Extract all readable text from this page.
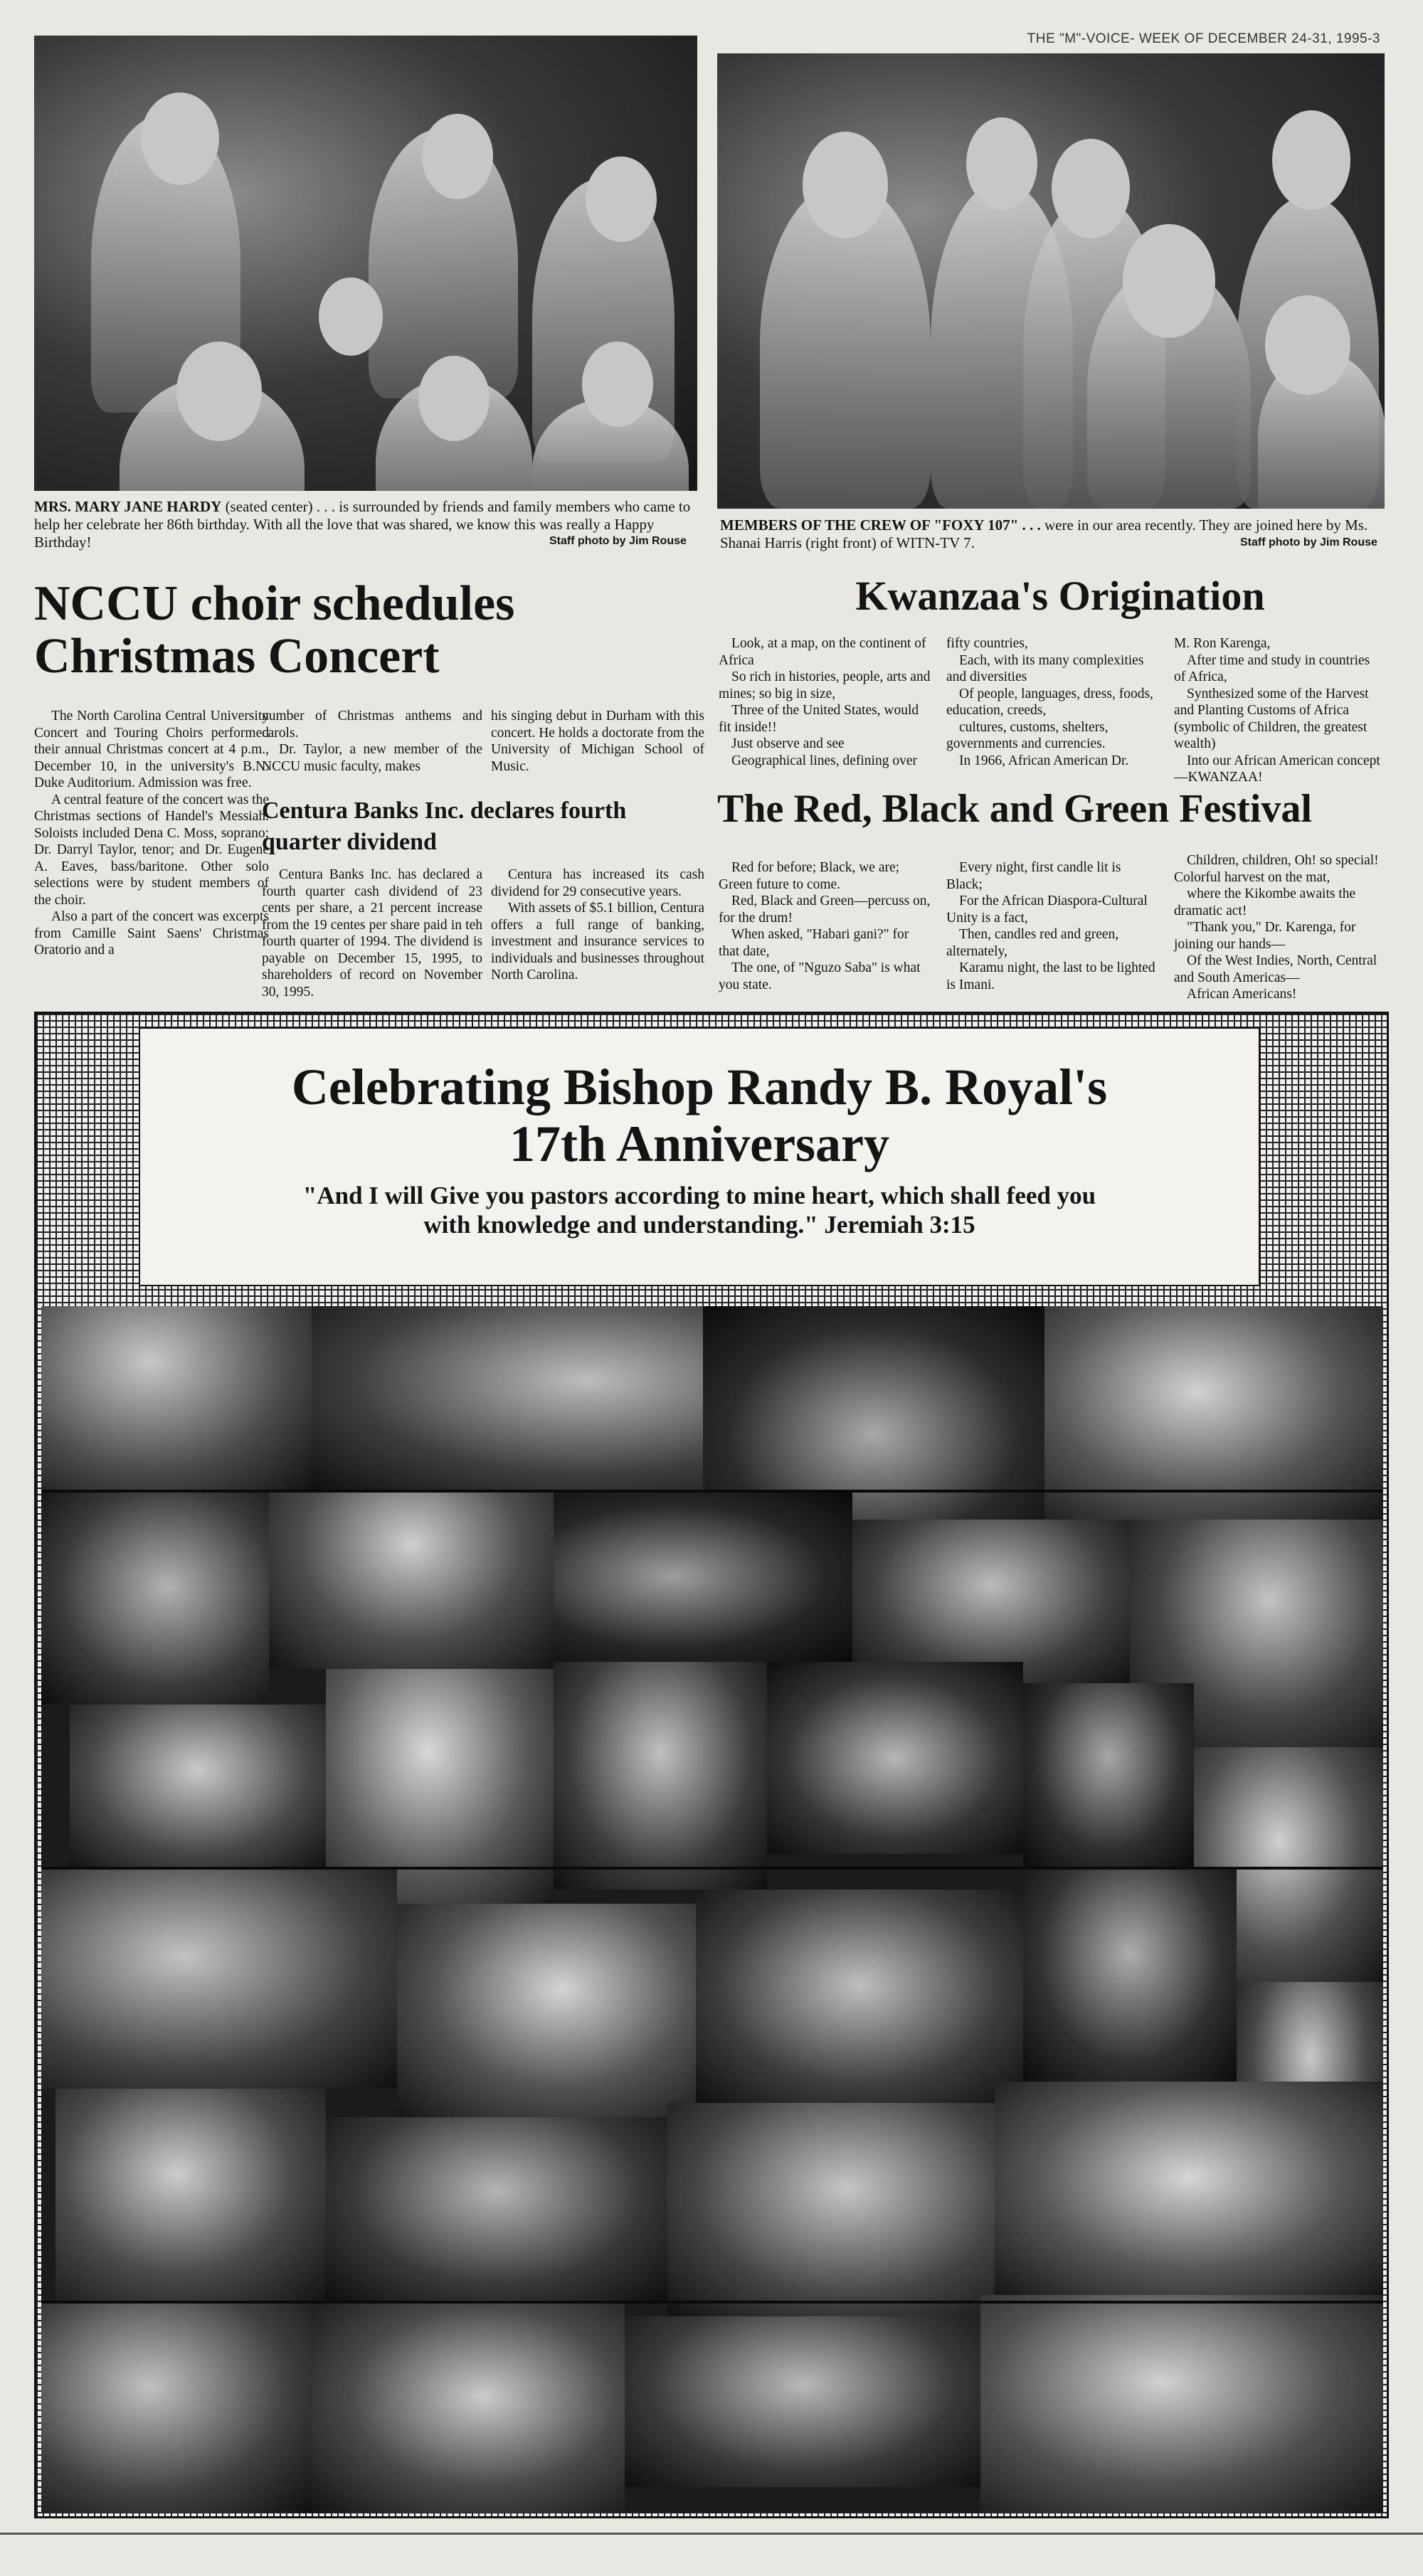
THE "M"-VOICE- WEEK OF DECEMBER 24-31, 1995-3
MRS. MARY JANE HARDY (seated center) . . . is surrounded by friends and family members who came to help her celebrate her 86th birthday. With all the love that was shared, we know this was really a Happy Birthday!	Staff photo by Jim Rouse
MEMBERS OF THE CREW OF "FOXY 107" . . . were in our area recently. They are joined here by Ms. Shanai Harris (right front) of WITN-TV 7.	Staff photo by Jim Rouse
NCCU choir schedules Christmas Concert

The North Carolina Central University Concert and Touring Choirs performed their annual Christmas concert at 4 p.m., December 10, in the university's B.N. Duke Auditorium. Admission was free.

A central feature of the concert was the Christmas sections of Handel's Messiah. Soloists included Dena C. Moss, soprano; Dr. Darryl Taylor, tenor; and Dr. Eugene A. Eaves, bass/baritone. Other solo selections were by student members of the choir.

Also a part of the concert was excerpts from Camille Saint Saens' Christmas Oratorio and a

number of Christmas anthems and carols.

Dr. Taylor, a new member of the NCCU music faculty, makes

his singing debut in Durham with this concert. He holds a doctorate from the University of Michigan School of Music.

Centura Banks Inc. declares fourth quarter dividend

Centura Banks Inc. has declared a fourth quarter cash dividend of 23 cents per share, a 21 percent increase from the 19 centes per share paid in teh fourth quarter of 1994. The dividend is payable on December 15, 1995, to shareholders of record on November 30, 1995.

Centura has increased its cash dividend for 29 consecutive years.

With assets of $5.1 billion, Centura offers a full range of banking, investment and insurance services to individuals and businesses throughout North Carolina.

Kwanzaa's Origination

Look, at a map, on the continent of Africa

So rich in histories, people, arts and mines; so big in size,

Three of the United States, would fit inside!!

Just observe and see

Geographical lines, defining over

fifty countries,

Each, with its many complexities and diversities

Of people, languages, dress, foods, education, creeds,

cultures, customs, shelters, governments and currencies.

In 1966, African American Dr.

M. Ron Karenga,

After time and study in countries of Africa,

Synthesized some of the Harvest and Planting Customs of Africa (symbolic of Children, the greatest wealth)

Into our African American concept—KWANZAA!

The Red, Black and Green Festival

Red for before; Black, we are; Green future to come.

Red, Black and Green—percuss on, for the drum!

When asked, "Habari gani?" for that date,

The one, of "Nguzo Saba" is what you state.

Every night, first candle lit is Black;

For the African Diaspora-Cultural Unity is a fact,

Then, candles red and green, alternately,

Karamu night, the last to be lighted is Imani.

Children, children, Oh! so special! Colorful harvest on the mat,

where the Kikombe awaits the dramatic act!

"Thank you," Dr. Karenga, for joining our hands—

Of the West Indies, North, Central and South Americas—

African Americans!

Celebrating Bishop Randy B. Royal's
17th Anniversary
"And I will Give you pastors according to mine heart, which shall feed you
with knowledge and understanding." Jeremiah 3:15
